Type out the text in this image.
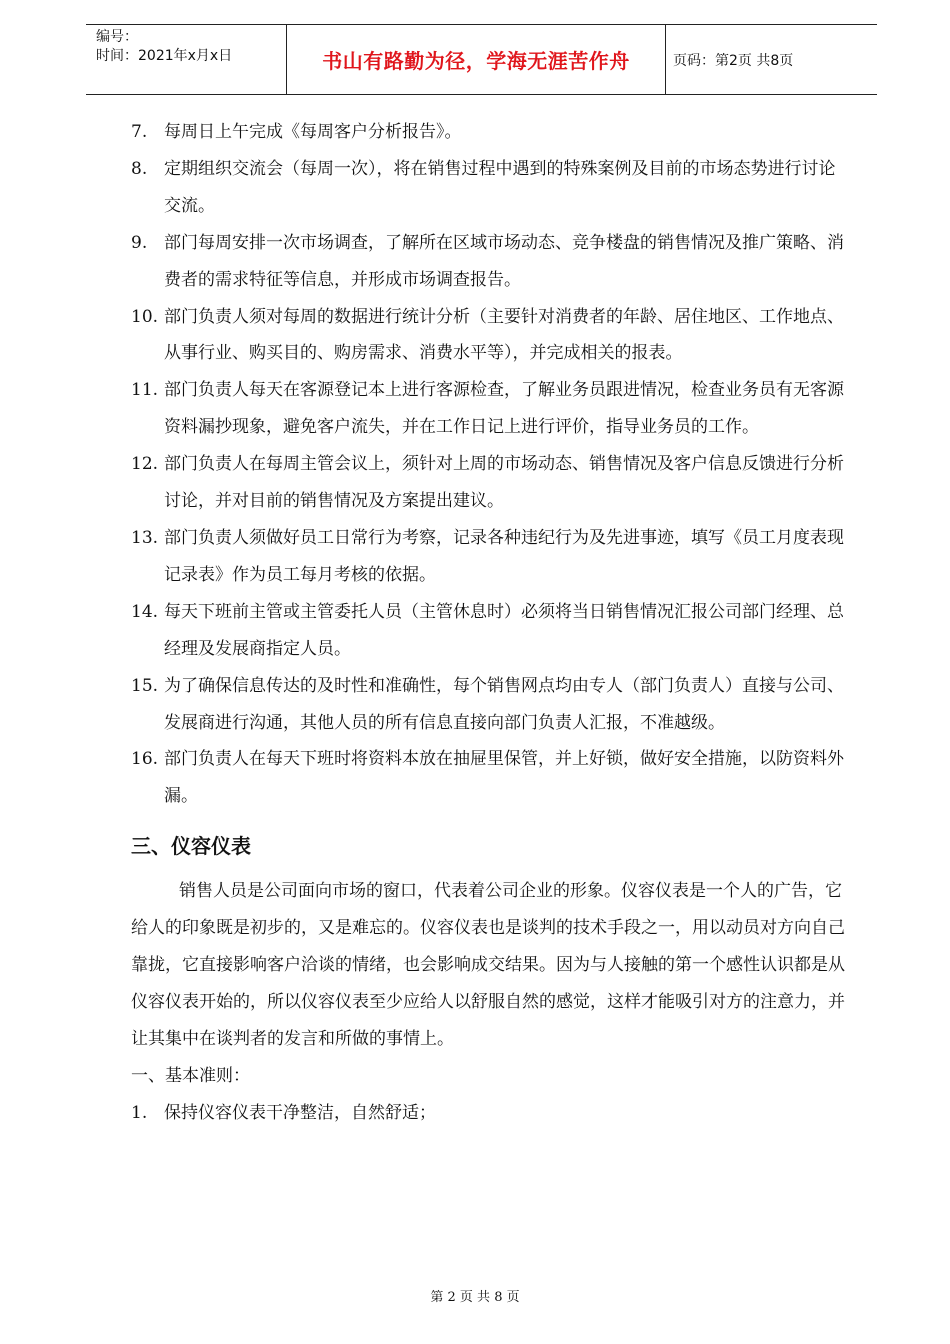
编号：
时间：2021年x月x日	书山有路勤为径，学海无涯苦作舟	页码：第2页 共8页
7. 每周日上午完成《每周客户分析报告》。
8. 定期组织交流会（每周一次），将在销售过程中遇到的特殊案例及目前的市场态势进行讨论交流。
9. 部门每周安排一次市场调查，了解所在区域市场动态、竞争楼盘的销售情况及推广策略、消费者的需求特征等信息，并形成市场调查报告。
10. 部门负责人须对每周的数据进行统计分析（主要针对消费者的年龄、居住地区、工作地点、从事行业、购买目的、购房需求、消费水平等），并完成相关的报表。
11. 部门负责人每天在客源登记本上进行客源检查，了解业务员跟进情况，检查业务员有无客源资料漏抄现象，避免客户流失，并在工作日记上进行评价，指导业务员的工作。
12. 部门负责人在每周主管会议上，须针对上周的市场动态、销售情况及客户信息反馈进行分析讨论，并对目前的销售情况及方案提出建议。
13. 部门负责人须做好员工日常行为考察，记录各种违纪行为及先进事迹，填写《员工月度表现记录表》作为员工每月考核的依据。
14. 每天下班前主管或主管委托人员（主管休息时）必须将当日销售情况汇报公司部门经理、总经理及发展商指定人员。
15. 为了确保信息传达的及时性和准确性，每个销售网点均由专人（部门负责人）直接与公司、发展商进行沟通，其他人员的所有信息直接向部门负责人汇报，不准越级。
16. 部门负责人在每天下班时将资料本放在抽屉里保管，并上好锁，做好安全措施，以防资料外漏。
三、仪容仪表
销售人员是公司面向市场的窗口，代表着公司企业的形象。仪容仪表是一个人的广告，它给人的印象既是初步的，又是难忘的。仪容仪表也是谈判的技术手段之一，用以动员对方向自己靠拢，它直接影响客户洽谈的情绪，也会影响成交结果。因为与人接触的第一个感性认识都是从仪容仪表开始的，所以仪容仪表至少应给人以舒服自然的感觉，这样才能吸引对方的注意力，并让其集中在谈判者的发言和所做的事情上。
一、基本准则：
1. 保持仪容仪表干净整洁，自然舒适；
第 2 页 共 8 页
